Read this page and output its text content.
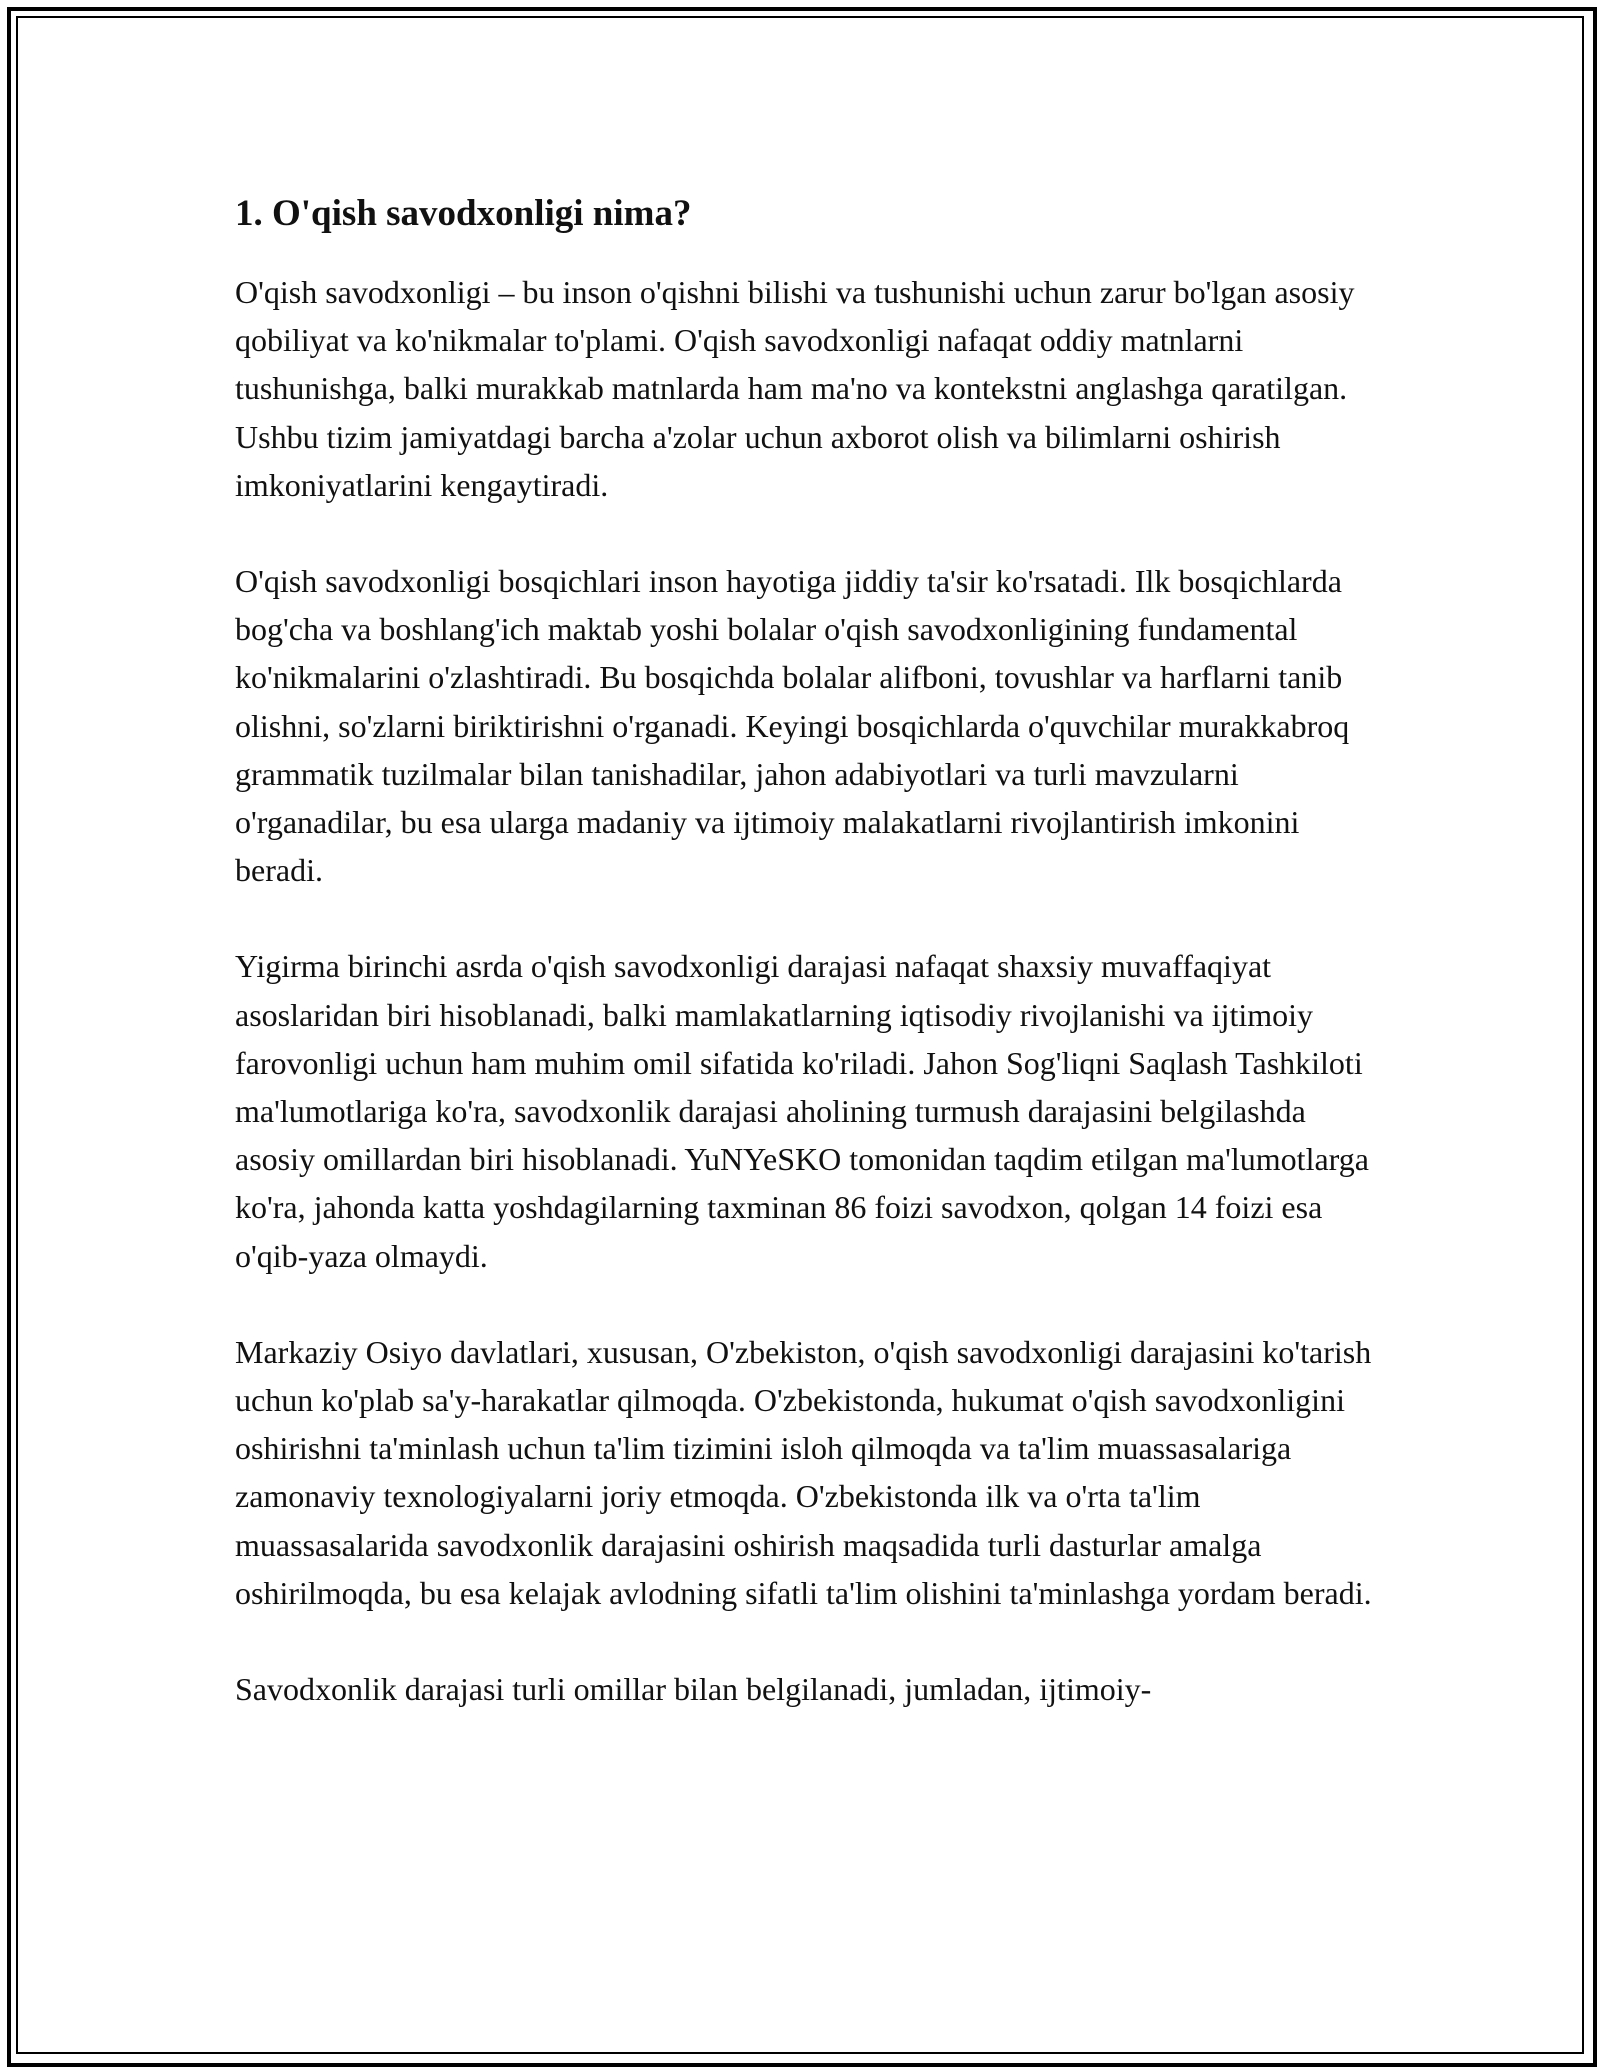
1. O'qish savodxonligi nima?

O'qish savodxonligi – bu inson o'qishni bilishi va tushunishi uchun zarur bo'lgan asosiy qobiliyat va ko'nikmalar to'plami. O'qish savodxonligi nafaqat oddiy matnlarni tushunishga, balki murakkab matnlarda ham ma'no va kontekstni anglashga qaratilgan. Ushbu tizim jamiyatdagi barcha a'zolar uchun axborot olish va bilimlarni oshirish imkoniyatlarini kengaytiradi.

O'qish savodxonligi bosqichlari inson hayotiga jiddiy ta'sir ko'rsatadi. Ilk bosqichlarda bog'cha va boshlang'ich maktab yoshi bolalar o'qish savodxonligining fundamental ko'nikmalarini o'zlashtiradi. Bu bosqichda bolalar alifboni, tovushlar va harflarni tanib olishni, so'zlarni biriktirishni o'rganadi. Keyingi bosqichlarda o'quvchilar murakkabroq grammatik tuzilmalar bilan tanishadilar, jahon adabiyotlari va turli mavzularni o'rganadilar, bu esa ularga madaniy va ijtimoiy malakatlarni rivojlantirish imkonini beradi.

Yigirma birinchi asrda o'qish savodxonligi darajasi nafaqat shaxsiy muvaffaqiyat asoslaridan biri hisoblanadi, balki mamlakatlarning iqtisodiy rivojlanishi va ijtimoiy farovonligi uchun ham muhim omil sifatida ko'riladi. Jahon Sog'liqni Saqlash Tashkiloti ma'lumotlariga ko'ra, savodxonlik darajasi aholining turmush darajasini belgilashda asosiy omillardan biri hisoblanadi. YuNYeSKO tomonidan taqdim etilgan ma'lumotlarga ko'ra, jahonda katta yoshdagilarning taxminan 86 foizi savodxon, qolgan 14 foizi esa o'qib-yaza olmaydi.

Markaziy Osiyo davlatlari, xususan, O'zbekiston, o'qish savodxonligi darajasini ko'tarish uchun ko'plab sa'y-harakatlar qilmoqda. O'zbekistonda, hukumat o'qish savodxonligini oshirishni ta'minlash uchun ta'lim tizimini isloh qilmoqda va ta'lim muassasalariga zamonaviy texnologiyalarni joriy etmoqda. O'zbekistonda ilk va o'rta ta'lim muassasalarida savodxonlik darajasini oshirish maqsadida turli dasturlar amalga oshirilmoqda, bu esa kelajak avlodning sifatli ta'lim olishini ta'minlashga yordam beradi.

Savodxonlik darajasi turli omillar bilan belgilanadi, jumladan, ijtimoiy-
